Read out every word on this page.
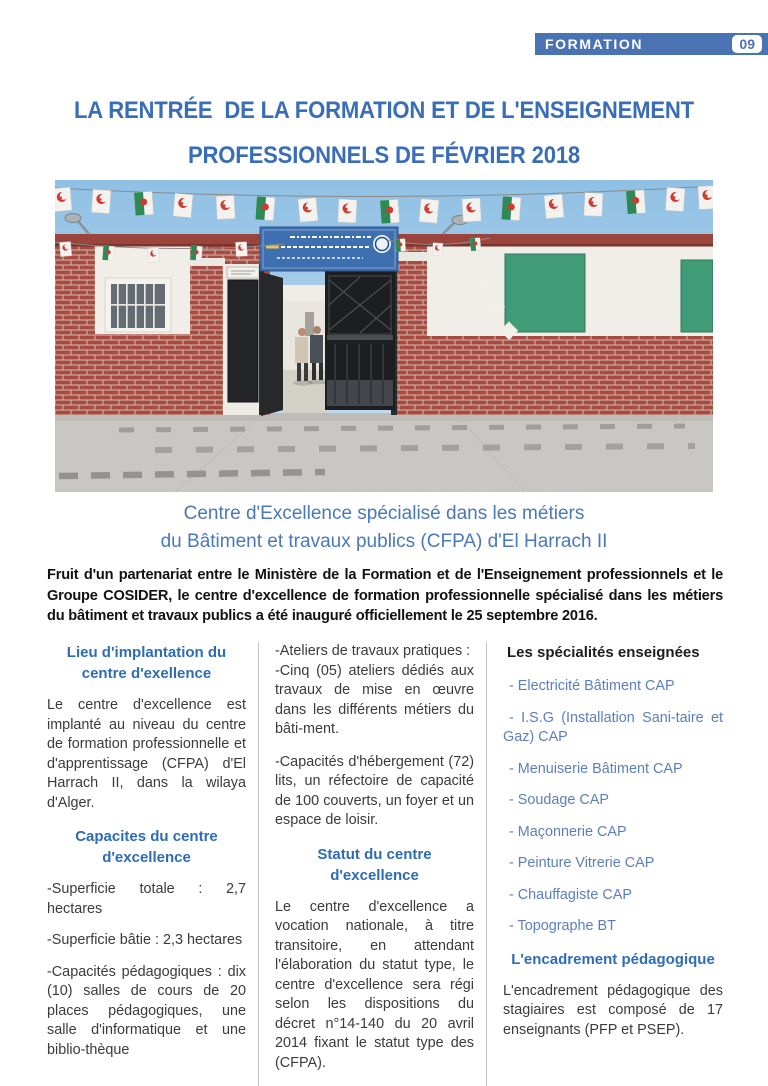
FORMATION	09
LA RENTRÉE  DE LA FORMATION ET DE L'ENSEIGNEMENT
PROFESSIONNELS DE FÉVRIER 2018
Centre d'Excellence spécialisé dans les métiers
du Bâtiment et travaux publics (CFPA) d'El Harrach II
Fruit d'un partenariat entre le Ministère de la Formation et de l'Enseignement professionnels et le Groupe COSIDER, le centre d'excellence de formation professionnelle spécialisé dans les métiers du bâtiment et travaux publics a été inauguré officiellement le 25 septembre 2016.
Lieu d'implantation du centre d'exellence
Le centre d'excellence est implanté au niveau du centre de formation professionnelle et d'apprentissage (CFPA) d'El Harrach II, dans la wilaya d'Alger.
Capacites du centre d'excellence
-Superficie totale : 2,7 hectares
-Superficie bâtie : 2,3 hectares
-Capacités pédagogiques : dix (10) salles de cours de 20 places pédagogiques, une salle d'informatique et une biblio-thèque
-Ateliers de travaux pratiques :
-Cinq (05) ateliers dédiés aux travaux de mise en œuvre dans les différents métiers du bâti-ment.
-Capacités d'hébergement (72) lits, un réfectoire de capacité de 100 couverts, un foyer et un espace de loisir.
Statut du centre d'excellence
Le centre d'excellence a vocation nationale, à titre transitoire, en attendant l'élaboration du statut type, le centre d'excellence sera régi selon les dispositions du décret n°14-140 du 20 avril 2014 fixant le statut type des (CFPA).
Les spécialités enseignées
- Electricité Bâtiment CAP
- I.S.G (Installation Sani-taire et Gaz) CAP
- Menuiserie Bâtiment CAP
- Soudage CAP
- Maçonnerie CAP
- Peinture Vitrerie CAP
- Chauffagiste CAP
- Topographe BT
L'encadrement pédagogique
L'encadrement pédagogique des stagiaires est composé de 17 enseignants (PFP et PSEP).
